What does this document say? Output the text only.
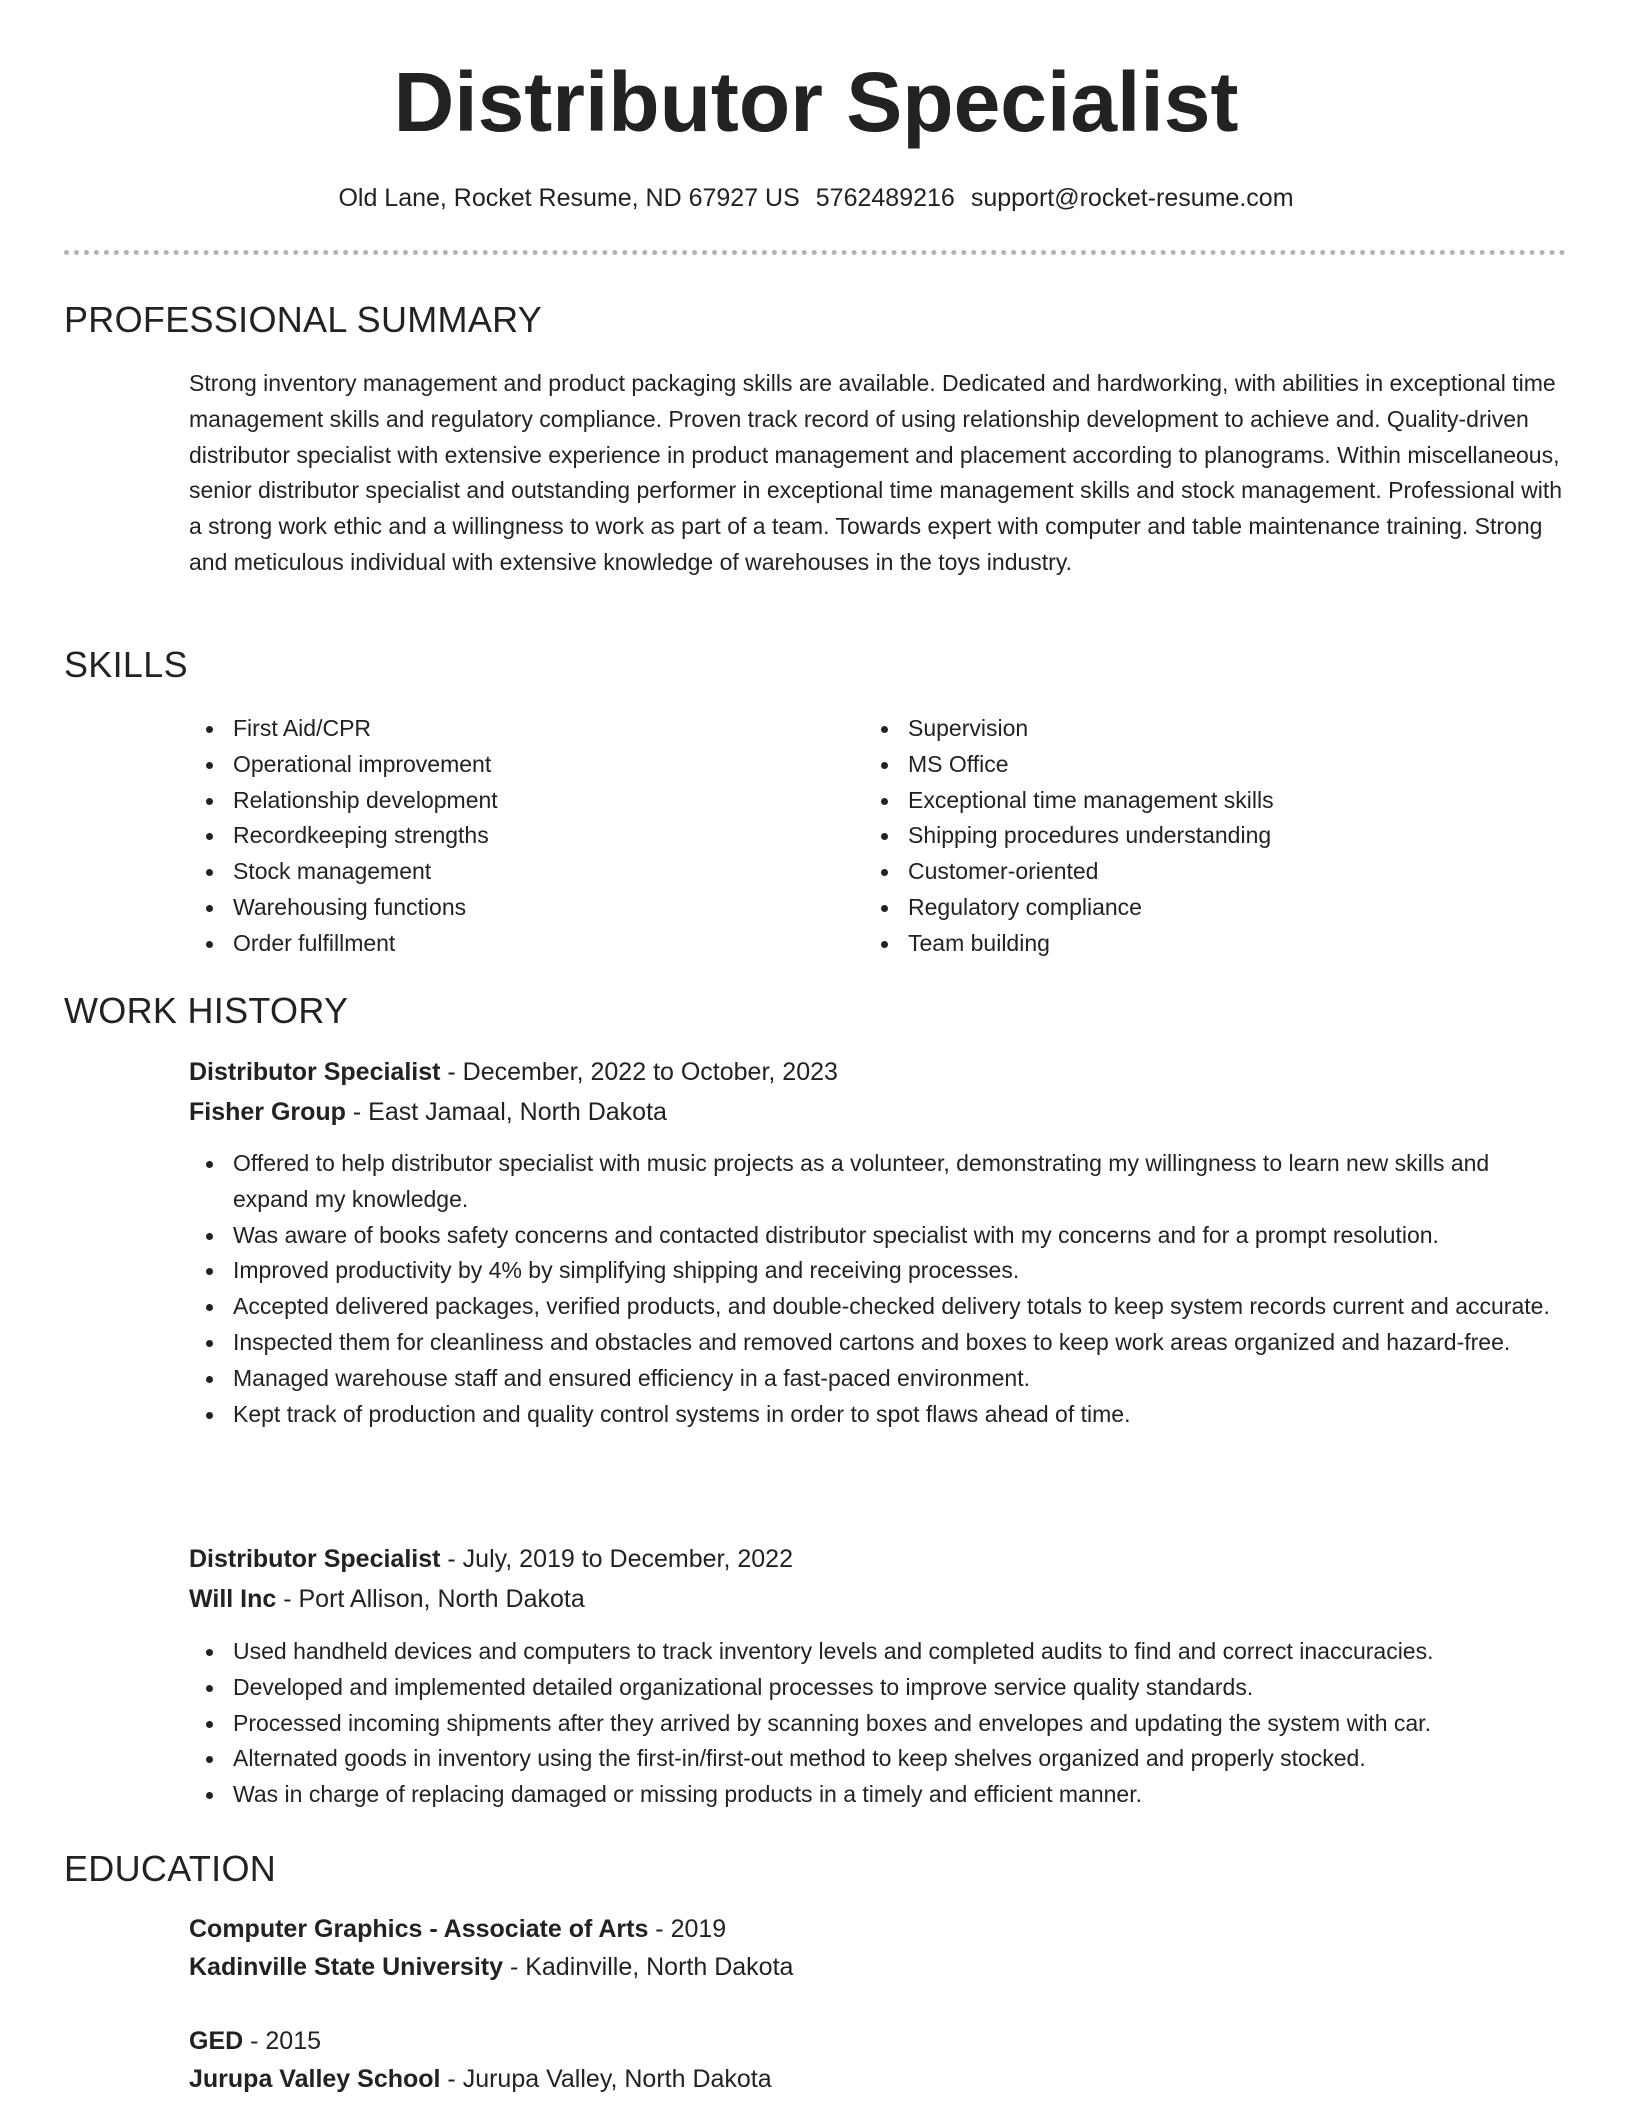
Distributor Specialist
Old Lane, Rocket Resume, ND 67927 US 5762489216 support@rocket-resume.com
PROFESSIONAL SUMMARY
Strong inventory management and product packaging skills are available. Dedicated and hardworking, with abilities in exceptional time management skills and regulatory compliance. Proven track record of using relationship development to achieve and. Quality-driven distributor specialist with extensive experience in product management and placement according to planograms. Within miscellaneous, senior distributor specialist and outstanding performer in exceptional time management skills and stock management. Professional with a strong work ethic and a willingness to work as part of a team. Towards expert with computer and table maintenance training. Strong and meticulous individual with extensive knowledge of warehouses in the toys industry.
SKILLS
First Aid/CPR
Operational improvement
Relationship development
Recordkeeping strengths
Stock management
Warehousing functions
Order fulfillment
Supervision
MS Office
Exceptional time management skills
Shipping procedures understanding
Customer-oriented
Regulatory compliance
Team building
WORK HISTORY
Distributor Specialist - December, 2022 to October, 2023
Fisher Group - East Jamaal, North Dakota
Offered to help distributor specialist with music projects as a volunteer, demonstrating my willingness to learn new skills and expand my knowledge.
Was aware of books safety concerns and contacted distributor specialist with my concerns and for a prompt resolution.
Improved productivity by 4% by simplifying shipping and receiving processes.
Accepted delivered packages, verified products, and double-checked delivery totals to keep system records current and accurate.
Inspected them for cleanliness and obstacles and removed cartons and boxes to keep work areas organized and hazard-free.
Managed warehouse staff and ensured efficiency in a fast-paced environment.
Kept track of production and quality control systems in order to spot flaws ahead of time.
Distributor Specialist - July, 2019 to December, 2022
Will Inc - Port Allison, North Dakota
Used handheld devices and computers to track inventory levels and completed audits to find and correct inaccuracies.
Developed and implemented detailed organizational processes to improve service quality standards.
Processed incoming shipments after they arrived by scanning boxes and envelopes and updating the system with car.
Alternated goods in inventory using the first-in/first-out method to keep shelves organized and properly stocked.
Was in charge of replacing damaged or missing products in a timely and efficient manner.
EDUCATION
Computer Graphics - Associate of Arts - 2019
Kadinville State University - Kadinville, North Dakota
GED - 2015
Jurupa Valley School - Jurupa Valley, North Dakota
